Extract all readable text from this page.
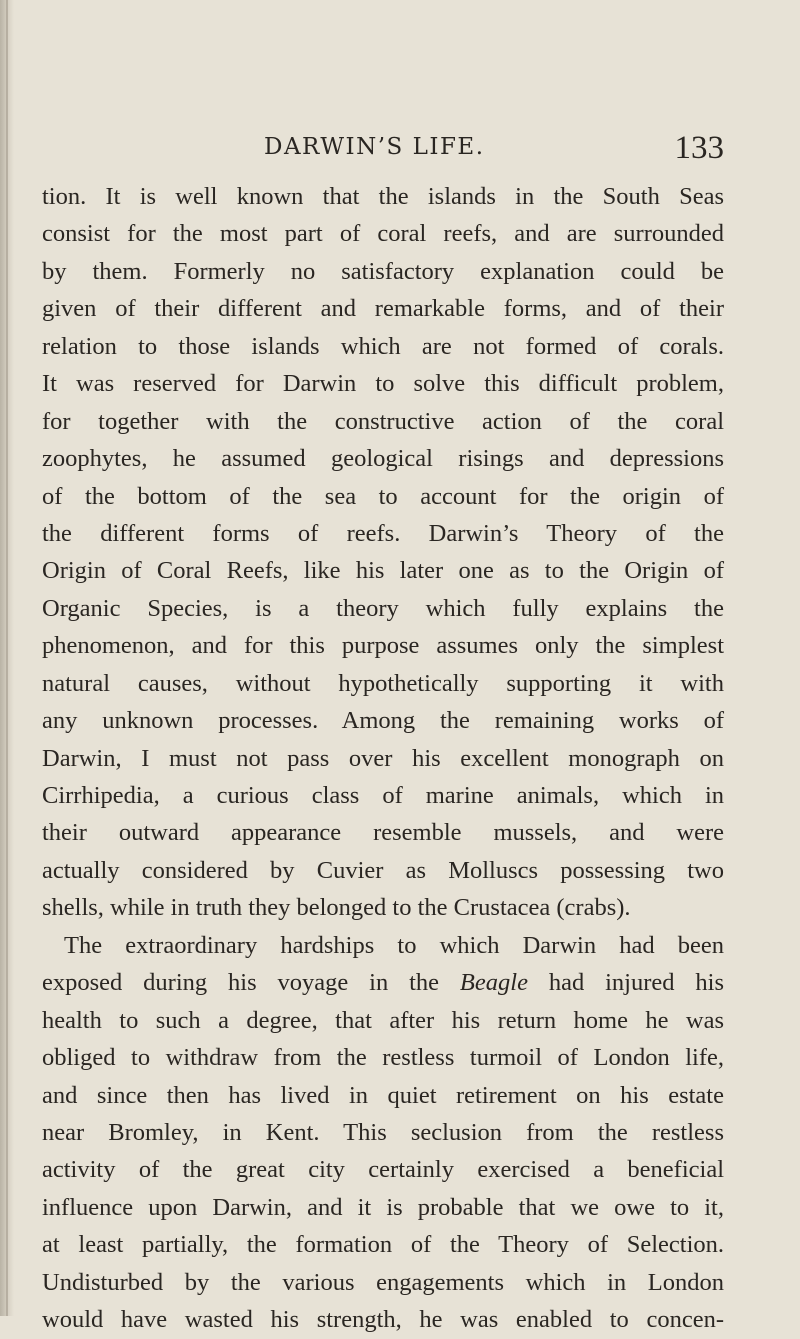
DARWIN’S LIFE.	133
tion. It is well known that the islands in the South Seas
consist for the most part of coral reefs, and are surrounded
by them. Formerly no satisfactory explanation could be
given of their different and remarkable forms, and of their
relation to those islands which are not formed of corals.
It was reserved for Darwin to solve this difficult problem,
for together with the constructive action of the coral
zoophytes, he assumed geological risings and depressions
of the bottom of the sea to account for the origin of
the different forms of reefs. Darwin’s Theory of the
Origin of Coral Reefs, like his later one as to the Origin of
Organic Species, is a theory which fully explains the
phenomenon, and for this purpose assumes only the simplest
natural causes, without hypothetically supporting it with
any unknown processes. Among the remaining works of
Darwin, I must not pass over his excellent monograph on
Cirrhipedia, a curious class of marine animals, which in
their outward appearance resemble mussels, and were
actually considered by Cuvier as Molluscs possessing two
shells, while in truth they belonged to the Crustacea (crabs).
The extraordinary hardships to which Darwin had been
exposed during his voyage in the Beagle had injured his
health to such a degree, that after his return home he was
obliged to withdraw from the restless turmoil of London life,
and since then has lived in quiet retirement on his estate
near Bromley, in Kent. This seclusion from the restless
activity of the great city certainly exercised a beneficial
influence upon Darwin, and it is probable that we owe to it,
at least partially, the formation of the Theory of Selection.
Undisturbed by the various engagements which in London
would have wasted his strength, he was enabled to concen-
